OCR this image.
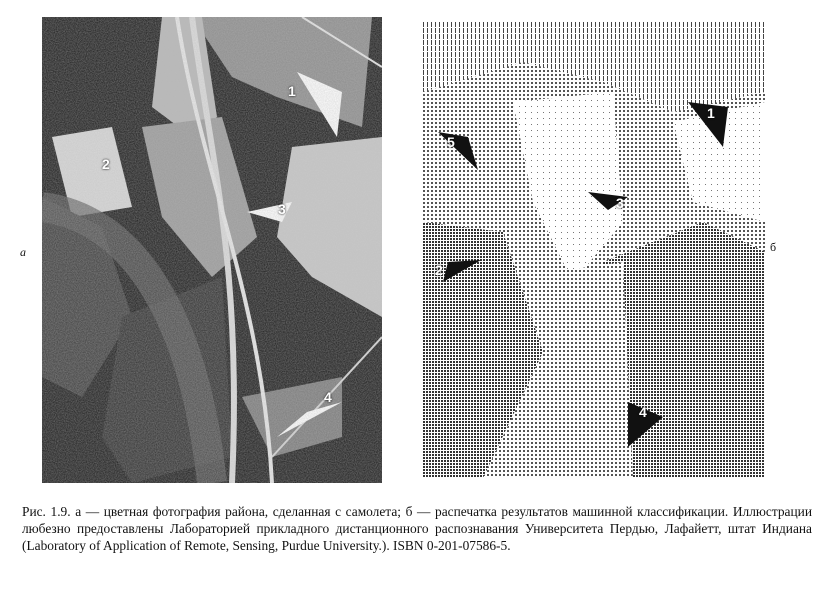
1
2
3
4
a
1
2
3
4
5
б
Рис. 1.9. а — цветная фотография района, сделанная с самолета; б — распечатка результатов машинной классификации. Иллюстрации любезно предоставлены Лабораторией прикладного дистанционного распознавания Университета Пердью, Лафайетт, штат Индиана (Laboratory of Application of Remote, Sensing, Purdue University.). ISBN 0-201-07586-5.
